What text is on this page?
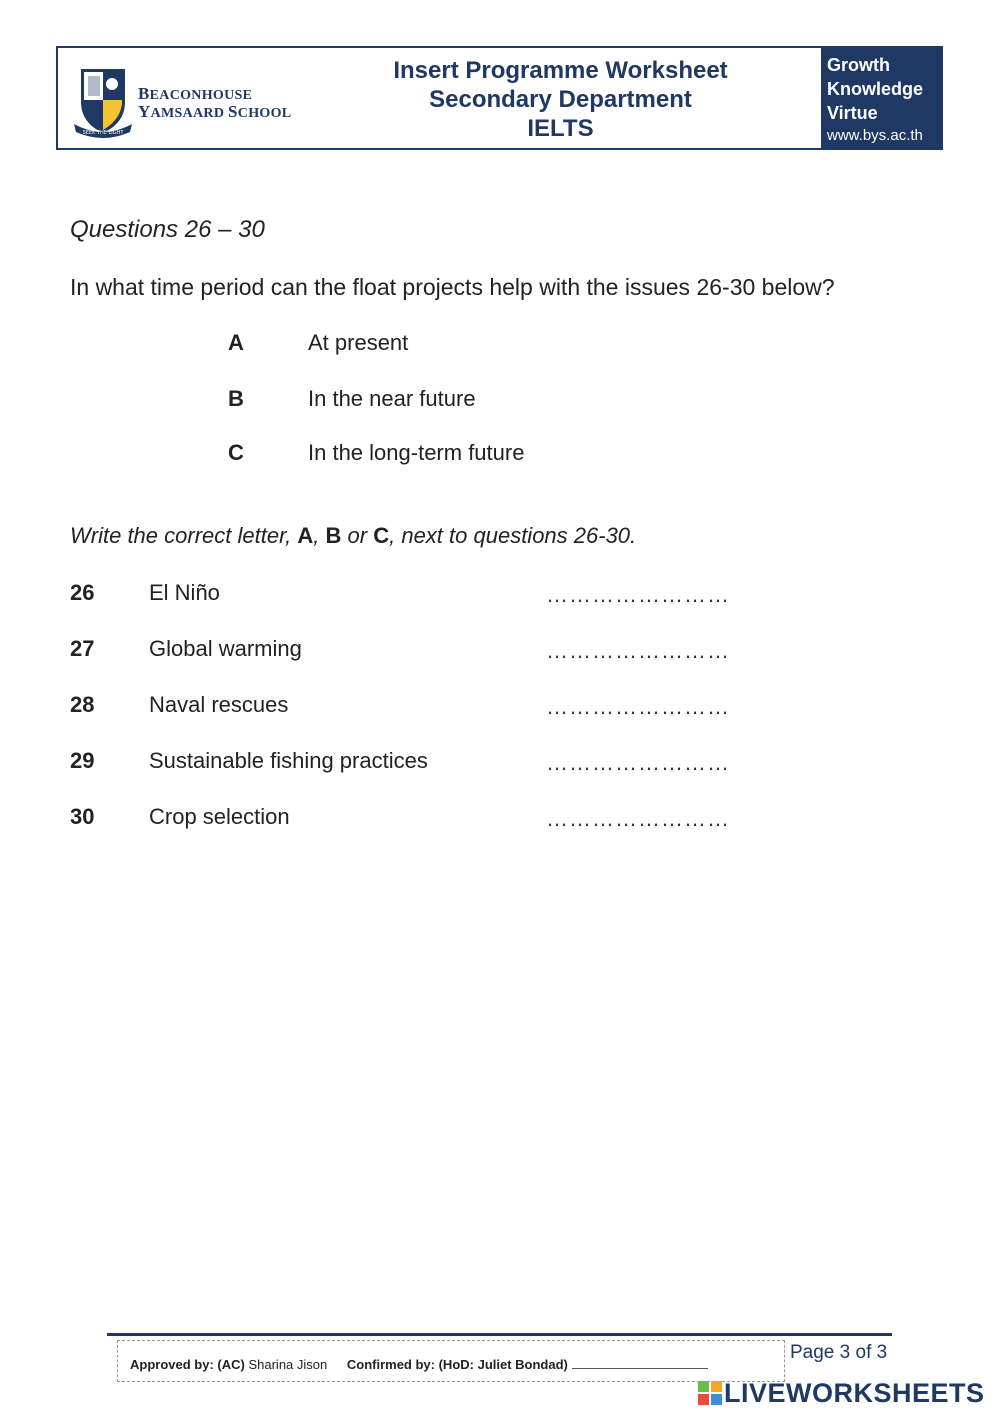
SEEK THE LIGHT
BEACONHOUSE
YAMSAARD SCHOOL
Insert Programme Worksheet
Secondary Department
IELTS
Growth
Knowledge
Virtue
www.bys.ac.th
Questions 26 – 30
In what time period can the float projects help with the issues 26-30 below?
A	At present
B	In the near future
C	In the long-term future
Write the correct letter, A, B or C, next to questions 26-30.
26 El Niño	……………………
27 Global warming	……………………
28 Naval rescues	……………………
29 Sustainable fishing practices	……………………
30 Crop selection	……………………
Approved by: (AC) Sharina Jison Confirmed by: (HoD: Juliet Bondad)
Page 3 of 3
LIVEWORKSHEETS
